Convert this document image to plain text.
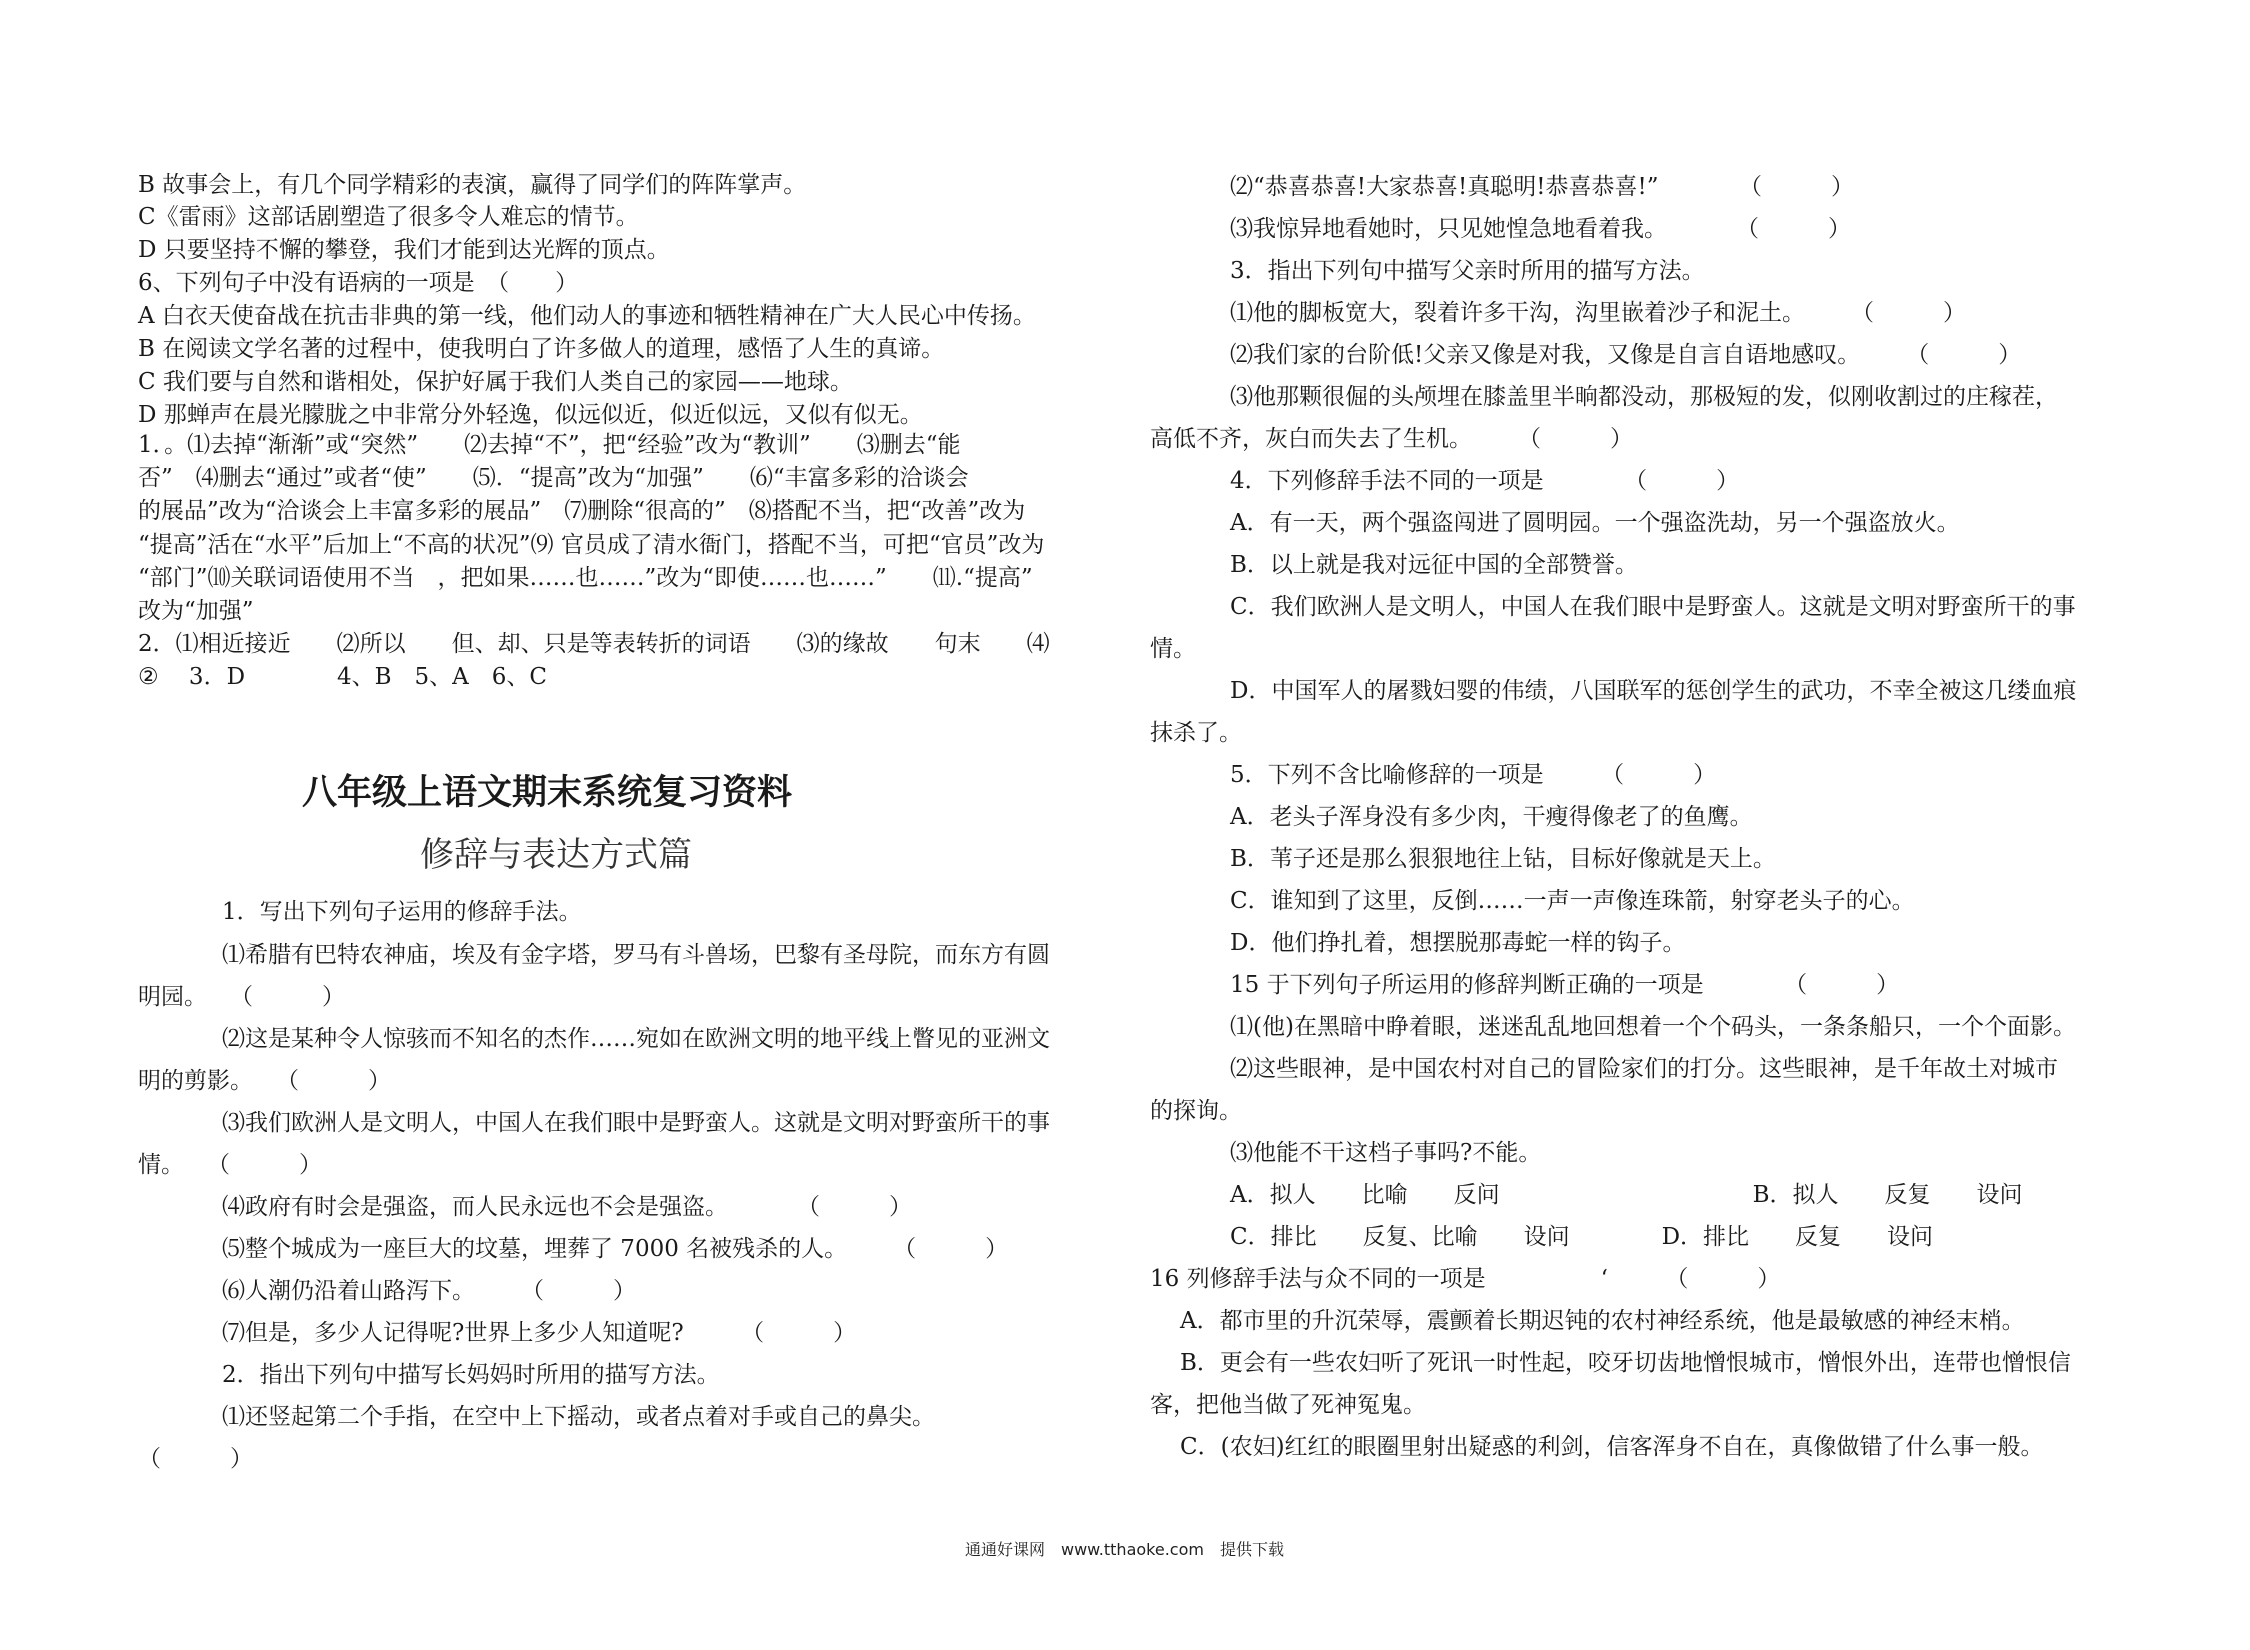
B 故事会上，有几个同学精彩的表演，赢得了同学们的阵阵掌声。
C《雷雨》这部话剧塑造了很多令人难忘的情节。
D 只要坚持不懈的攀登，我们才能到达光辉的顶点。
6、下列句子中没有语病的一项是　（　　）
A 白衣天使奋战在抗击非典的第一线，他们动人的事迹和牺牲精神在广大人民心中传扬。
B 在阅读文学名著的过程中，使我明白了许多做人的道理，感悟了人生的真谛。
C 我们要与自然和谐相处，保护好属于我们人类自己的家园——地球。
D 那蝉声在晨光朦胧之中非常分外轻逸，似远似近，似近似远，又似有似无。
1．。⑴去掉“渐渐”或“突然”　　⑵去掉“不”，把“经验”改为“教训”　　⑶删去“能
否”　⑷删去“通过”或者“使”　　⑸．“提高”改为“加强”　　⑹“丰富多彩的洽谈会
的展品”改为“洽谈会上丰富多彩的展品”　⑺删除“很高的”　⑻搭配不当，把“改善”改为
“提高”活在“水平”后加上“不高的状况”⑼ 官员成了清水衙门，搭配不当，可把“官员”改为
“部门”⑽关联词语使用不当　，把如果……也……”改为“即使……也……”　　⑾.“提高”
改为“加强”
2．⑴相近接近　　⑵所以　　但、却、只是等表转折的词语　　⑶的缘故　　句末　　⑷
②　 3．D　　　　4、B　5、A　6、C
八年级上语文期末系统复习资料
修辞与表达方式篇
1．写出下列句子运用的修辞手法。
⑴希腊有巴特农神庙，埃及有金字塔，罗马有斗兽场，巴黎有圣母院，而东方有圆
明园。　　（　　　）
⑵这是某种令人惊骇而不知名的杰作……宛如在欧洲文明的地平线上瞥见的亚洲文
明的剪影。　　（　　　）
⑶我们欧洲人是文明人，中国人在我们眼中是野蛮人。这就是文明对野蛮所干的事
情。　　（　　　）
⑷政府有时会是强盗，而人民永远也不会是强盗。　　　　（　　　）
⑸整个城成为一座巨大的坟墓，埋葬了 7000 名被残杀的人。　　　（　　　）
⑹人潮仍沿着山路泻下。　　　（　　　）
⑺但是，多少人记得呢?世界上多少人知道呢?　　　（　　　）
2．指出下列句中描写长妈妈时所用的描写方法。
⑴还竖起第二个手指，在空中上下摇动，或者点着对手或自己的鼻尖。
（　　　）
⑵“恭喜恭喜!大家恭喜!真聪明!恭喜恭喜!”　　　　（　　　）
⑶我惊异地看她时，只见她惶急地看着我。　　　　（　　　）
3．指出下列句中描写父亲时所用的描写方法。
⑴他的脚板宽大，裂着许多干沟，沟里嵌着沙子和泥土。　　　（　　　）
⑵我们家的台阶低!父亲又像是对我，又像是自言自语地感叹。　　　（　　　）
⑶他那颗很倔的头颅埋在膝盖里半晌都没动，那极短的发，似刚收割过的庄稼茬，
高低不齐，灰白而失去了生机。　　　（　　　）
4．下列修辞手法不同的一项是　　　　（　　　）
A．有一天，两个强盗闯进了圆明园。一个强盗洗劫，另一个强盗放火。
B．以上就是我对远征中国的全部赞誉。
C．我们欧洲人是文明人，中国人在我们眼中是野蛮人。这就是文明对野蛮所干的事
情。
D．中国军人的屠戮妇婴的伟绩，八国联军的惩创学生的武功，不幸全被这几缕血痕
抹杀了。
5．下列不含比喻修辞的一项是　　　（　　　）
A．老头子浑身没有多少肉，干瘦得像老了的鱼鹰。
B．苇子还是那么狠狠地往上钻，目标好像就是天上。
C．谁知到了这里，反倒……一声一声像连珠箭，射穿老头子的心。
D．他们挣扎着，想摆脱那毒蛇一样的钩子。
15 于下列句子所运用的修辞判断正确的一项是　　　　（　　　）
⑴(他)在黑暗中睁着眼，迷迷乱乱地回想着一个个码头，一条条船只，一个个面影。
⑵这些眼神，是中国农村对自己的冒险家们的打分。这些眼神，是千年故土对城市
的探询。
⑶他能不干这档子事吗?不能。
A．拟人　　比喻　　反问　　　　　　　　　　　B．拟人　　反复　　设问
C．排比　　反复、比喻　　设问　　　　D．排比　　反复　　设问
16 列修辞手法与众不同的一项是　　　　　‘　　　（　　　）
A．都市里的升沉荣辱，震颤着长期迟钝的农村神经系统，他是最敏感的神经末梢。
B．更会有一些农妇听了死讯一时性起，咬牙切齿地憎恨城市，憎恨外出，连带也憎恨信
客，把他当做了死神冤鬼。
C．(农妇)红红的眼圈里射出疑惑的利剑，信客浑身不自在，真像做错了什么事一般。
通通好课网　www.tthaoke.com　提供下载
